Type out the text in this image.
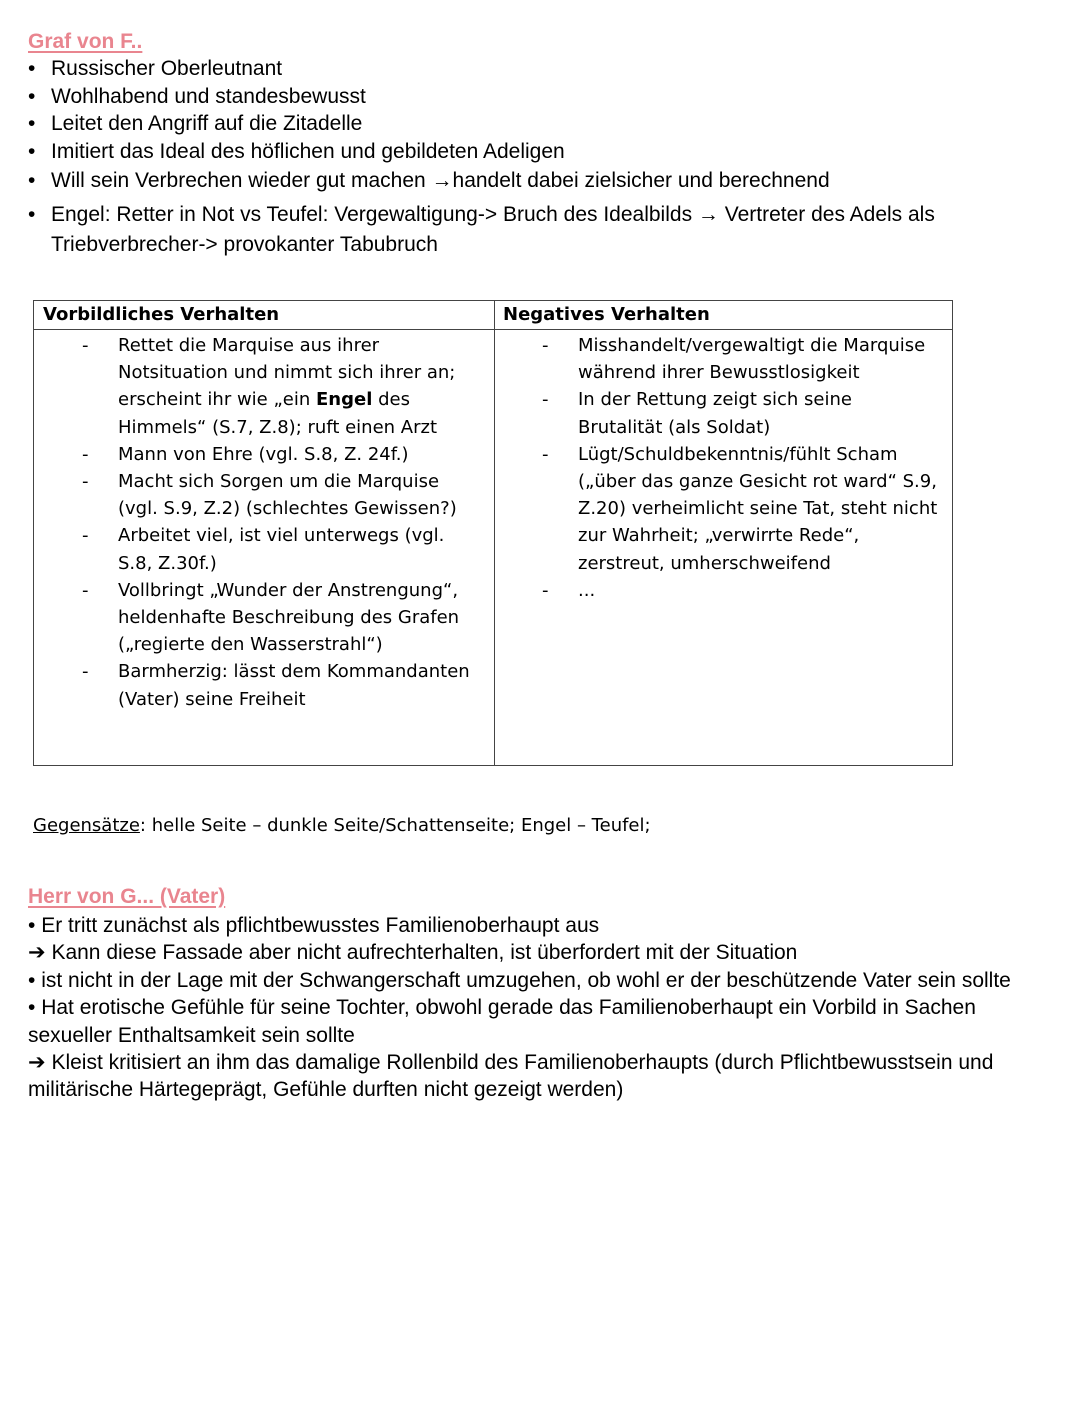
Graf von F..
• Russischer Oberleutnant
• Wohlhabend und standesbewusst
• Leitet den Angriff auf die Zitadelle
• Imitiert das Ideal des höflichen und gebildeten Adeligen
• Will sein Verbrechen wieder gut machen →handelt dabei zielsicher und berechnend
• Engel: Retter in Not vs Teufel: Vergewaltigung-> Bruch des Idealbilds → Vertreter des Adels als Triebverbrecher-> provokanter Tabubruch
Vorbildliches Verhalten
- Rettet die Marquise aus ihrer Notsituation und nimmt sich ihrer an; erscheint ihr wie „ein Engel des Himmels“ (S.7, Z.8); ruft einen Arzt
- Mann von Ehre (vgl. S.8, Z. 24f.)
- Macht sich Sorgen um die Marquise (vgl. S.9, Z.2) (schlechtes Gewissen?)
- Arbeitet viel, ist viel unterwegs (vgl. S.8, Z.30f.)
- Vollbringt „Wunder der Anstrengung“, heldenhafte Beschreibung des Grafen („regierte den Wasserstrahl“)
- Barmherzig: lässt dem Kommandanten (Vater) seine Freiheit
Negatives Verhalten
- Misshandelt/vergewaltigt die Marquise während ihrer Bewusstlosigkeit
- In der Rettung zeigt sich seine Brutalität (als Soldat)
- Lügt/Schuldbekenntnis/fühlt Scham („über das ganze Gesicht rot ward“ S.9, Z.20) verheimlicht seine Tat, steht nicht zur Wahrheit; „verwirrte Rede“, zerstreut, umherschweifend
- ...
Gegensätze: helle Seite – dunkle Seite/Schattenseite; Engel – Teufel;
Herr von G... (Vater)

• Er tritt zunächst als pflichtbewusstes Familienoberhaupt aus

➔ Kann diese Fassade aber nicht aufrechterhalten, ist überfordert mit der Situation

• ist nicht in der Lage mit der Schwangerschaft umzugehen, ob wohl er der beschützende Vater sein sollte

• Hat erotische Gefühle für seine Tochter, obwohl gerade das Familienoberhaupt ein Vorbild in Sachen sexueller Enthaltsamkeit sein sollte

➔ Kleist kritisiert an ihm das damalige Rollenbild des Familienoberhaupts (durch Pflichtbewusstsein und militärische Härtegeprägt, Gefühle durften nicht gezeigt werden)
